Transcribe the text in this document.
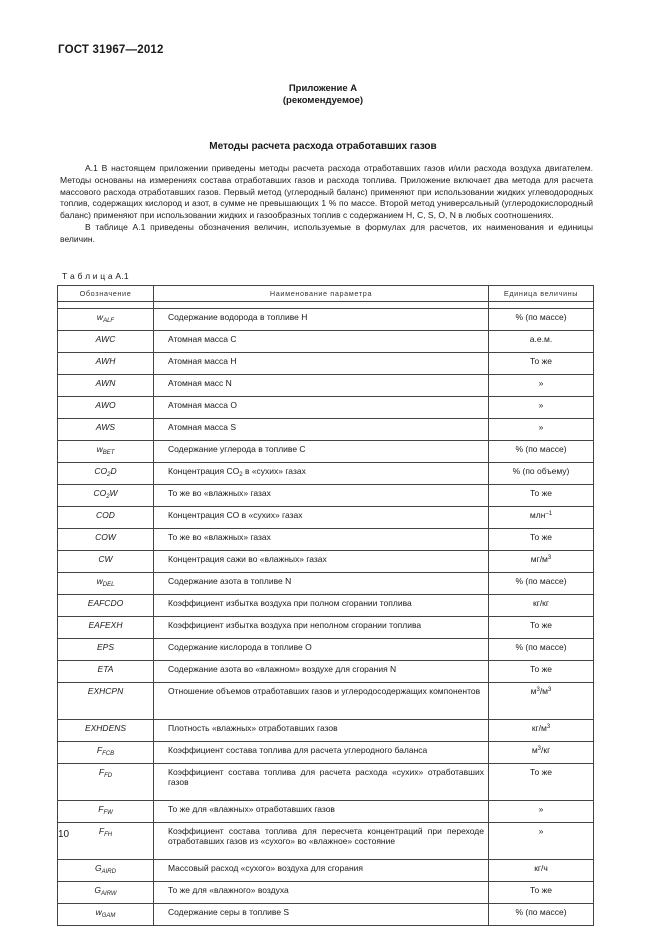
ГОСТ 31967—2012
Приложение А
(рекомендуемое)
Методы расчета расхода отработавших газов

А.1 В настоящем приложении приведены методы расчета расхода отработавших газов и/или расхода воздуха двигателем. Методы основаны на измерениях состава отработавших газов и расхода топлива. Приложение включает два метода для расчета массового расхода отработавших газов. Первый метод (углеродный баланс) применяют при использовании жидких углеводородных топлив, содержащих кислород и азот, в сумме не превышающих 1 % по массе. Второй метод универсальный (углеродокислородный баланс) применяют при использовании жидких и газообразных топлив с содержанием H, C, S, O, N в любых соотношениях.

В таблице А.1 приведены обозначения величин, используемые в формулах для расчетов, их наименования и единицы величин.

Т а б л и ц а А.1
Обозначение	Наименование параметра	Единица величины

$w_{ALF}$	Содержание водорода в топливе H	% (по массе)
AWC	Атомная масса C	а.е.м.
AWH	Атомная масса H	То же
AWN	Атомная масс N	»
AWO	Атомная масса O	»
AWS	Атомная масса S	»
$w_{BET}$	Содержание углерода в топливе C	% (по массе)
$CO_2D$	Концентрация $CO_2$ в «сухих» газах	% (по объему)
$CO_2W$	То же во «влажных» газах	То же
COD	Концентрация CO в «сухих» газах	млн$^{-1}$
COW	То же во «влажных» газах	То же
CW	Концентрация сажи во «влажных» газах	$мг/м^3$
$w_{DEL}$	Содержание азота в топливе N	% (по массе)
EAFCDO	Коэффициент избытка воздуха при полном сгорании топлива	кг/кг
EAFEXH	Коэффициент избытка воздуха при неполном сгорании топлива	То же
EPS	Содержание кислорода в топливе O	% (по массе)
ETA	Содержание азота во «влажном» воздухе для сгорания N	То же
EXHCPN	Отношение объемов отработавших газов и углеродосодержащих компонентов	$м^3/м^3$
EXHDENS	Плотность «влажных» отработавших газов	$кг/м^3$
$F_{FCB}$	Коэффициент состава топлива для расчета углеродного баланса	$м^3/кг$
$F_{FD}$	Коэффициент состава топлива для расчета расхода «сухих» отработавших газов	То же
$F_{FW}$	То же для «влажных» отработавших газов	»
$F_{FH}$	Коэффициент состава топлива для пересчета концентраций при переходе отработавших газов из «сухого» во «влажное» состояние	»
$G_{AIRD}$	Массовый расход «сухого» воздуха для сгорания	кг/ч
$G_{AIRW}$	То же для «влажного» воздуха	То же
$w_{GAM}$	Содержание серы в топливе S	% (по массе)
10
